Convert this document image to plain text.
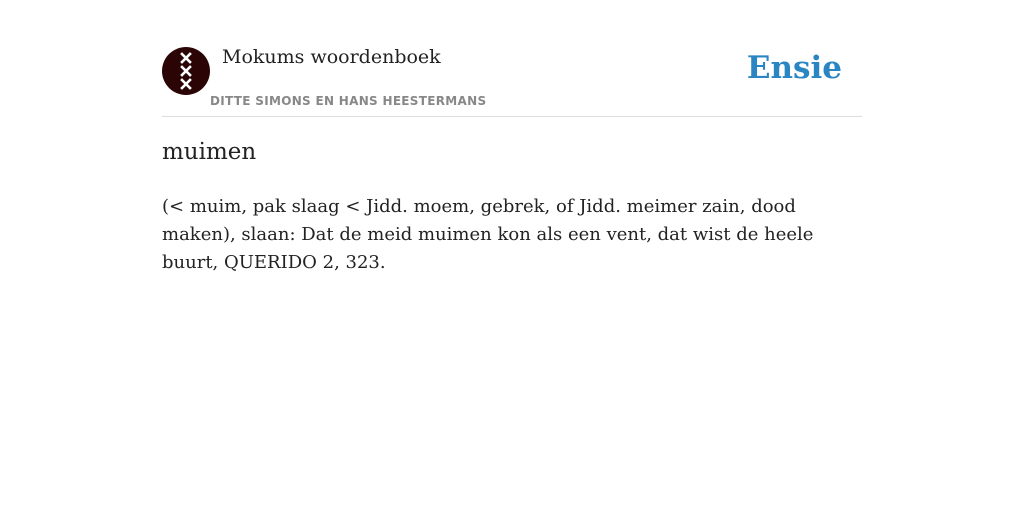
Mokums woordenboek
DITTE SIMONS EN HANS HEESTERMANS
Ensie
muimen

(< muim, pak slaag < Jidd. moem, gebrek, of Jidd. meimer zain, dood maken), slaan: Dat de meid muimen kon als een vent, dat wist de heele buurt, QUERIDO 2, 323.
